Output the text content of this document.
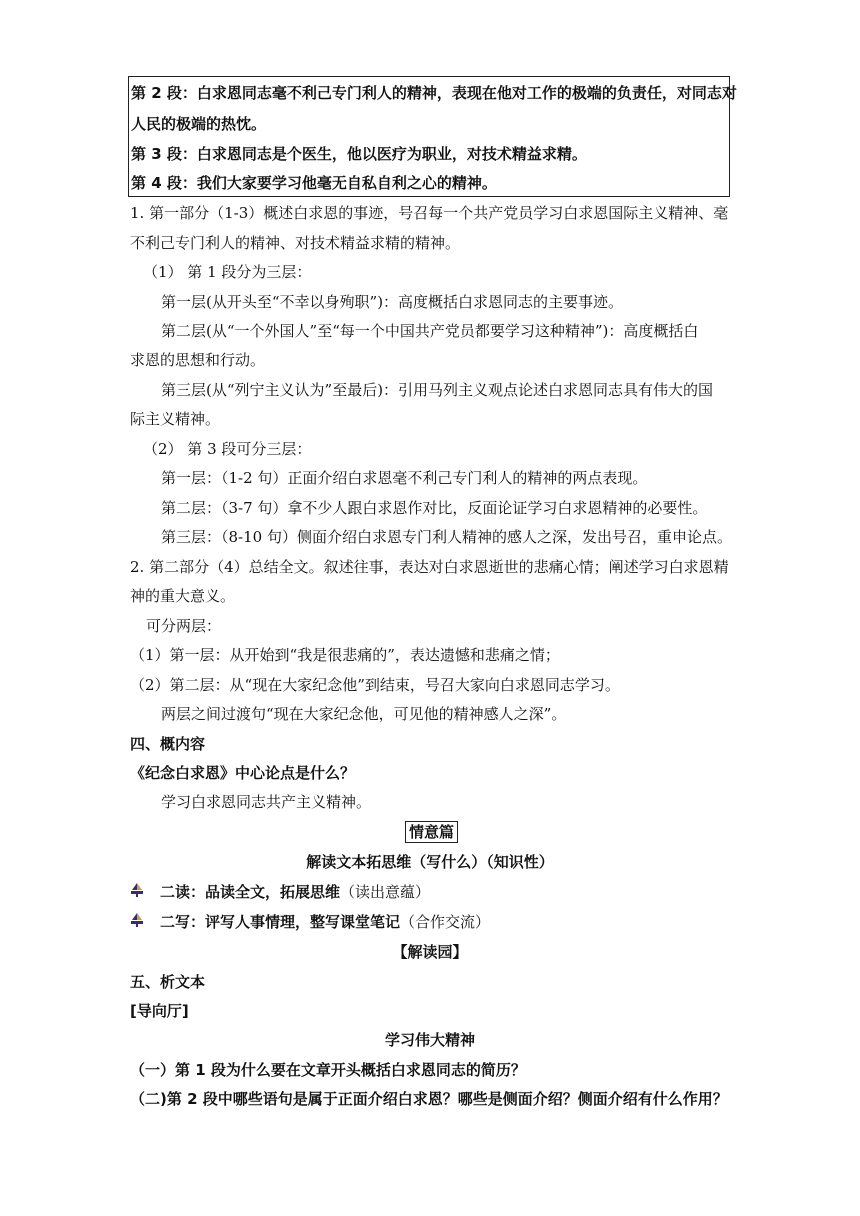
第 2 段：白求恩同志毫不利己专门利人的精神，表现在他对工作的极端的负责任，对同志对
人民的极端的热忱。
第 3 段：白求恩同志是个医生，他以医疗为职业，对技术精益求精。
第 4 段：我们大家要学习他毫无自私自利之心的精神。
1. 第一部分（1-3）概述白求恩的事迹，号召每一个共产党员学习白求恩国际主义精神、毫
不利己专门利人的精神、对技术精益求精的精神。
（1） 第 1 段分为三层：
第一层(从开头至“不幸以身殉职”)：高度概括白求恩同志的主要事迹。
第二层(从“一个外国人”至“每一个中国共产党员都要学习这种精神”)：高度概括白
求恩的思想和行动。
第三层(从“列宁主义认为”至最后)：引用马列主义观点论述白求恩同志具有伟大的国
际主义精神。
（2） 第 3 段可分三层：
第一层：（1-2 句）正面介绍白求恩毫不利己专门利人的精神的两点表现。
第二层：（3-7 句）拿不少人跟白求恩作对比，反面论证学习白求恩精神的必要性。
第三层：（8-10 句）侧面介绍白求恩专门利人精神的感人之深，发出号召，重申论点。
2. 第二部分（4）总结全文。叙述往事，表达对白求恩逝世的悲痛心情；阐述学习白求恩精
神的重大意义。
可分两层：
（1）第一层：从开始到“我是很悲痛的”，表达遗憾和悲痛之情；
（2）第二层：从“现在大家纪念他”到结束，号召大家向白求恩同志学习。
两层之间过渡句“现在大家纪念他，可见他的精神感人之深”。
四、概内容
《纪念白求恩》中心论点是什么？
学习白求恩同志共产主义精神。
情意篇
解读文本拓思维（写什么）（知识性）
二读：品读全文，拓展思维（读出意蕴）
二写：评写人事情理，整写课堂笔记（合作交流）
【解读园】
五、析文本
[导向厅]
学习伟大精神
（一）第 1 段为什么要在文章开头概括白求恩同志的简历？
（二)第 2 段中哪些语句是属于正面介绍白求恩？哪些是侧面介绍？侧面介绍有什么作用？
